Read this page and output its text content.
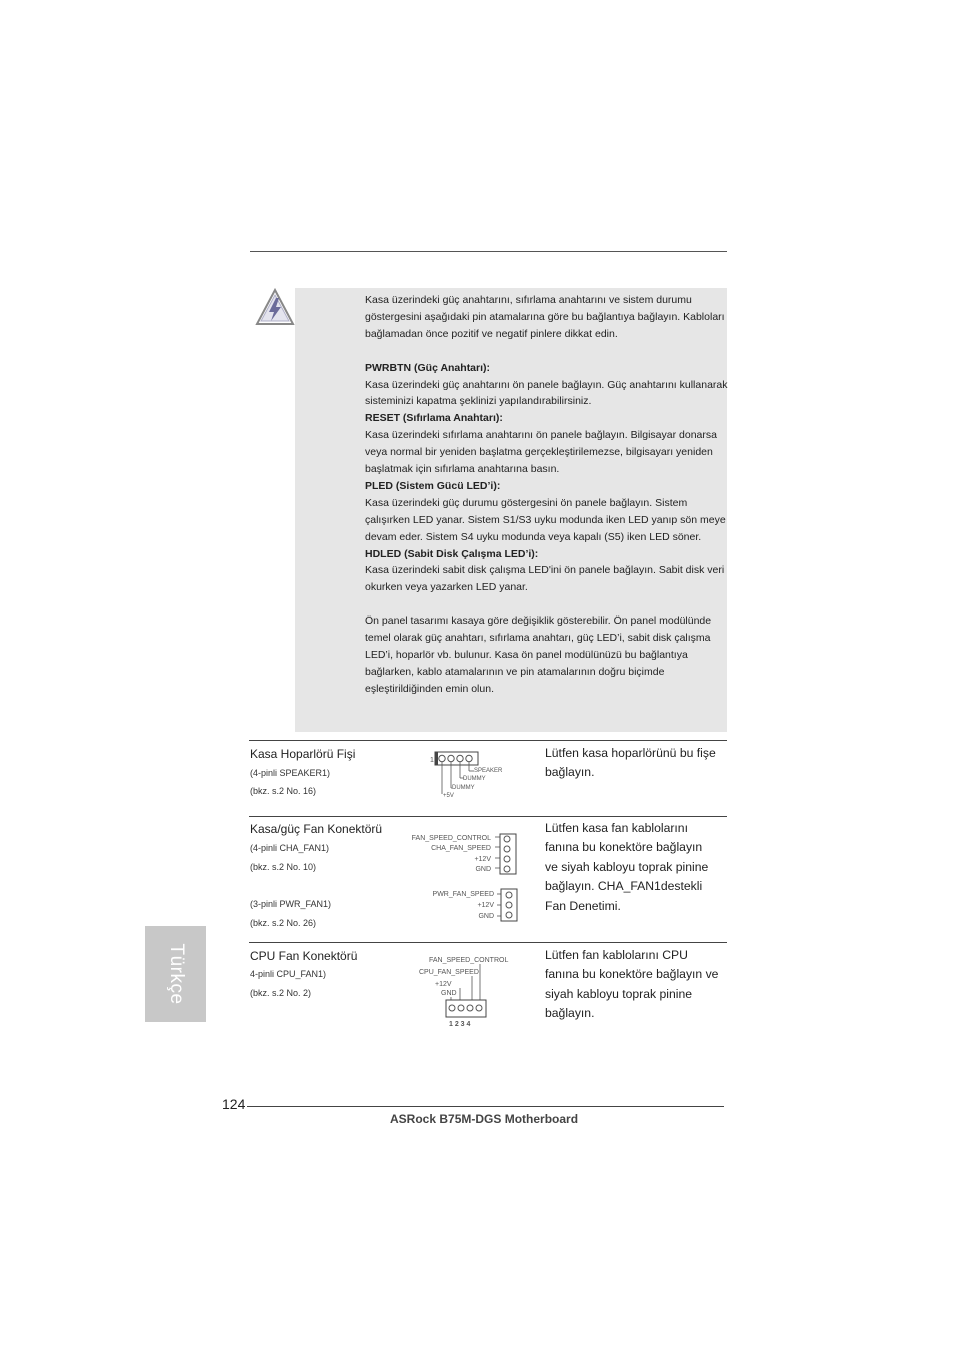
Kasa üzerindeki güç anahtarını, sıfırlama anahtarını ve sistem durumu göstergesini aşağıdaki pin atamalarına göre bu bağlantıya bağlayın. Kabloları bağlamadan önce pozitif ve negatif pinlere dikkat edin.

PWRBTN (Güç Anahtarı):

Kasa üzerindeki güç anahtarını ön panele bağlayın. Güç anahtarını kullanarak sisteminizi kapatma şeklinizi yapılandırabilirsiniz.

RESET (Sıfırlama Anahtarı):

Kasa üzerindeki sıfırlama anahtarını ön panele bağlayın. Bilgisayar donarsa veya normal bir yeniden başlatma gerçekleştirilemezse, bilgisayarı yeniden başlatmak için sıfırlama anahtarına basın.

PLED (Sistem Gücü LED’i):

Kasa üzerindeki güç durumu göstergesini ön panele bağlayın. Sistem çalışırken LED yanar. Sistem S1/S3 uyku modunda iken LED yanıp sön meye devam eder. Sistem S4 uyku modunda veya kapalı (S5) iken LED söner.

HDLED (Sabit Disk Çalışma LED’i):

Kasa üzerindeki sabit disk çalışma LED'ini ön panele bağlayın. Sabit disk veri okurken veya yazarken LED yanar.

Ön panel tasarımı kasaya göre değişiklik gösterebilir. Ön panel modülünde temel olarak güç anahtarı, sıfırlama anahtarı, güç LED’i, sabit disk çalışma LED’i, hoparlör vb. bulunur. Kasa ön panel modülünüzü bu bağlantıya bağlarken, kablo atamalarının ve pin atamalarının doğru biçimde eşleştirildiğinden emin olun.

Kasa Hoparlörü Fişi
(4-pinli SPEAKER1)
(bkz. s.2 No. 16)
Lütfen kasa hoparlörünü bu fişe
bağlayın.
1
SPEAKER
DUMMY
DUMMY
+5V
Kasa/güç Fan Konektörü
(4-pinli CHA_FAN1)
(bkz. s.2 No. 10)
(3-pinli PWR_FAN1)
(bkz. s.2 No. 26)
Lütfen kasa fan kablolarını
fanına bu konektöre bağlayın
ve siyah kabloyu toprak pinine
bağlayın. CHA_FAN1destekli
Fan Denetimi.
FAN_SPEED_CONTROL
CHA_FAN_SPEED
+12V
GND
PWR_FAN_SPEED
+12V
GND
CPU Fan Konektörü
4-pinli CPU_FAN1)
(bkz. s.2 No. 2)
Lütfen fan kablolarını CPU
fanına bu konektöre bağlayın ve
siyah kabloyu toprak pinine
bağlayın.
FAN_SPEED_CONTROL
CPU_FAN_SPEED
+12V
GND
1 2 3 4
Türkçe
124
ASRock B75M-DGS Motherboard
